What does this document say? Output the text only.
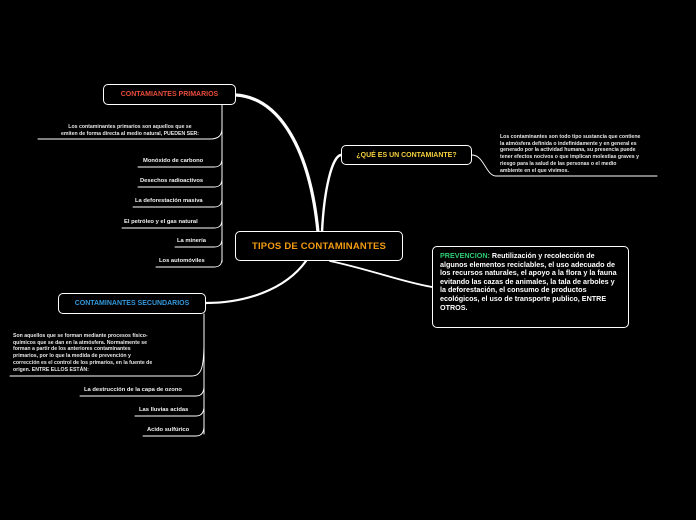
TIPOS DE CONTAMINANTES
CONTAMIANTES PRIMARIOS
Los contaminantes primarios son aquellos que se
emiten de forma directa al medio natural, PUEDEN SER:
Monóxido de carbono
Desechos radioactivos
La deforestación masiva
El petróleo y el gas natural
La minería
Los automóviles
CONTAMINANTES SECUNDARIOS
Son aquellos que se forman mediante procesos físico-
químicos que se dan en la atmósfera. Normalmente se
forman a partir de los anteriores contaminantes
primarios, por lo que la medida de prevención y
corrección es el control de los primarios, en la fuente de
origen. ENTRE ELLOS ESTÁN:
La destrucción de la capa de ozono
Las lluvias acidas
Acido sulfúrico
¿QUÉ ES UN CONTAMIANTE?
Los contaminantes son todo tipo sustancia que contiene
la atmósfera definida o indefinidamente y en general es
generado por la actividad humana, su presencia puede
tener efectos nocivos o que implican molestias graves y
riesgo para la salud de las personas o el medio
ambiente en el que vivimos.
PREVENCION: Reutilización y recolección de algunos elementos reciclables, el uso adecuado de los recursos naturales, el apoyo a la flora y la fauna evitando las cazas de animales, la tala de arboles y la deforestación, el consumo de productos ecológicos, el uso de transporte publico, ENTRE OTROS.
